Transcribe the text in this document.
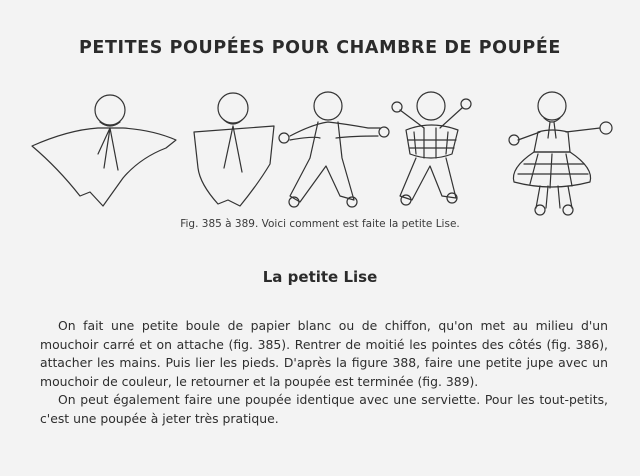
PETITES POUPÉES POUR CHAMBRE DE POUPÉE
Fig. 385 à 389. Voici comment est faite la petite Lise.
La petite Lise

On fait une petite boule de papier blanc ou de chiffon, qu'on met au milieu d'un mouchoir carré et on attache (fig. 385). Rentrer de moitié les pointes des côtés (fig. 386), attacher les mains. Puis lier les pieds. D'après la figure 388, faire une petite jupe avec un mouchoir de couleur, le retourner et la poupée est terminée (fig. 389).

On peut également faire une poupée identique avec une serviette. Pour les tout-petits, c'est une poupée à jeter très pratique.
